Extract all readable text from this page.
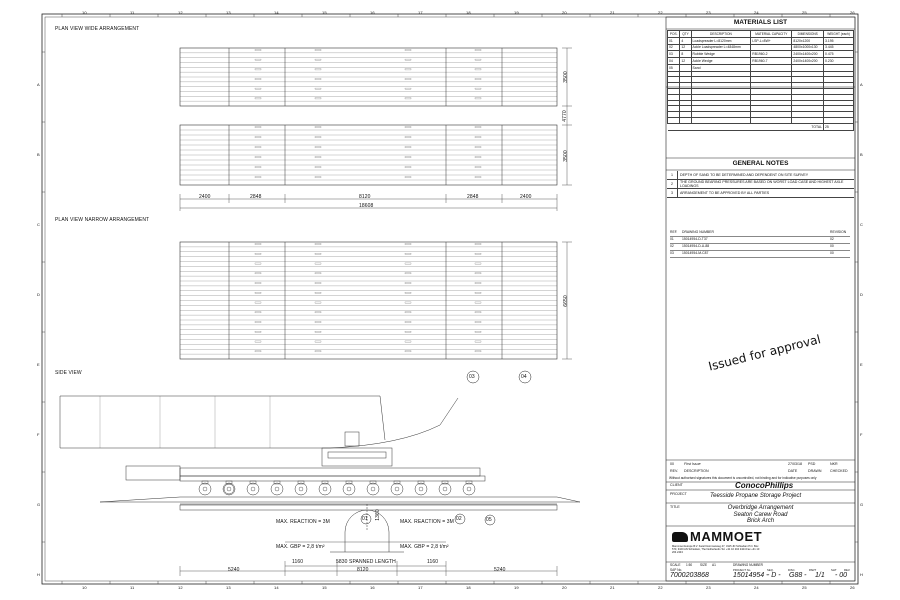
PLAN VIEW WIDE ARRANGEMENT
PLAN VIEW NARROW ARRANGEMENT
SIDE VIEW
10
10
11
11
12
12
13
13
14
14
15
15
16
16
17
17
18
18
19
19
20
20
21
21
22
22
23
23
24
24
25
25
26
26
A	A
B	B
C	C
D	D
E	E
F	F
G	G
H	H
2400	2848	8120	2848	2400
18608
3500
4770
3500
6650
03	04
01	02	05
MAX. REACTION = 3M	MAX. REACTION = 3M
MAX. GBP = 2,8 t/m²	MAX. GBP = 2,8 t/m²
1360
1160	1160
5830 SPANNED LENGTH
8120
5240	5240
Issued for approval
MATERIALS LIST
POS.	QTY	DESCRIPTION	MATERIAL CAPACITY	DIMENSIONS	WEIGHT (each)
01	4	Loadspreader L=8120mm	LSP-L=8W+	8120x1200	3.195
02	12	Ackle Loadspreader L=4848mm		4800x1000x130	3.445
03	8	Rubble Wedge	RB1960-2	2400x1400x200	0.475
04	12	Ackle Wedge	RB1960-7	2400x1400x200	0.230
05		Sand			

TOTAL					25
GENERAL NOTES
1	DEPTH OF SAND TO BE DETERMINED AND DEPENDENT ON SITE SURVEY
2	THE GROUND BEARING PRESSURES ARE BASED ON WORST LOAD CASE AND HIGHEST AXLE LOADINGS
3	ARRANGEMENT TO BE APPROVED BY ALL PARTIES
REF. DRAWING NUMBER	REVISION
01 15014954-D-T37	02
02 15014954-D-U-88	00
03 15014954-M-C87	00
00	First Issue	27/03/18 PSD	NKR
REV. DESCRIPTION	DATE	DRAWN CHECKED
Without authorised signatures this document is uncontrolled, not binding and for indicative purposes only
CLIENT	ConocoPhillips
PROJECT	Teesside Propane Storage Project
TITLE	Overbridge Arrangement
Seaton Carew Road
Brick Arch
MAMMOET
Mammoet Europe B.V. Karel Doormanweg 47, 3115 JD Schiedam P.O. Box 570, 3100 AN Schiedam, The Netherlands Tel. +31 10 204 2424 Fax +31 10 204 2443
SCALE 1:50 SIZE A1
SAP No.
7000203868
DRAWING NUMBER
PROJECT No.	SEQ.	DISC.	PART	SHT	REV.
15014954 -
- D - G88 - 1/1 - 00
